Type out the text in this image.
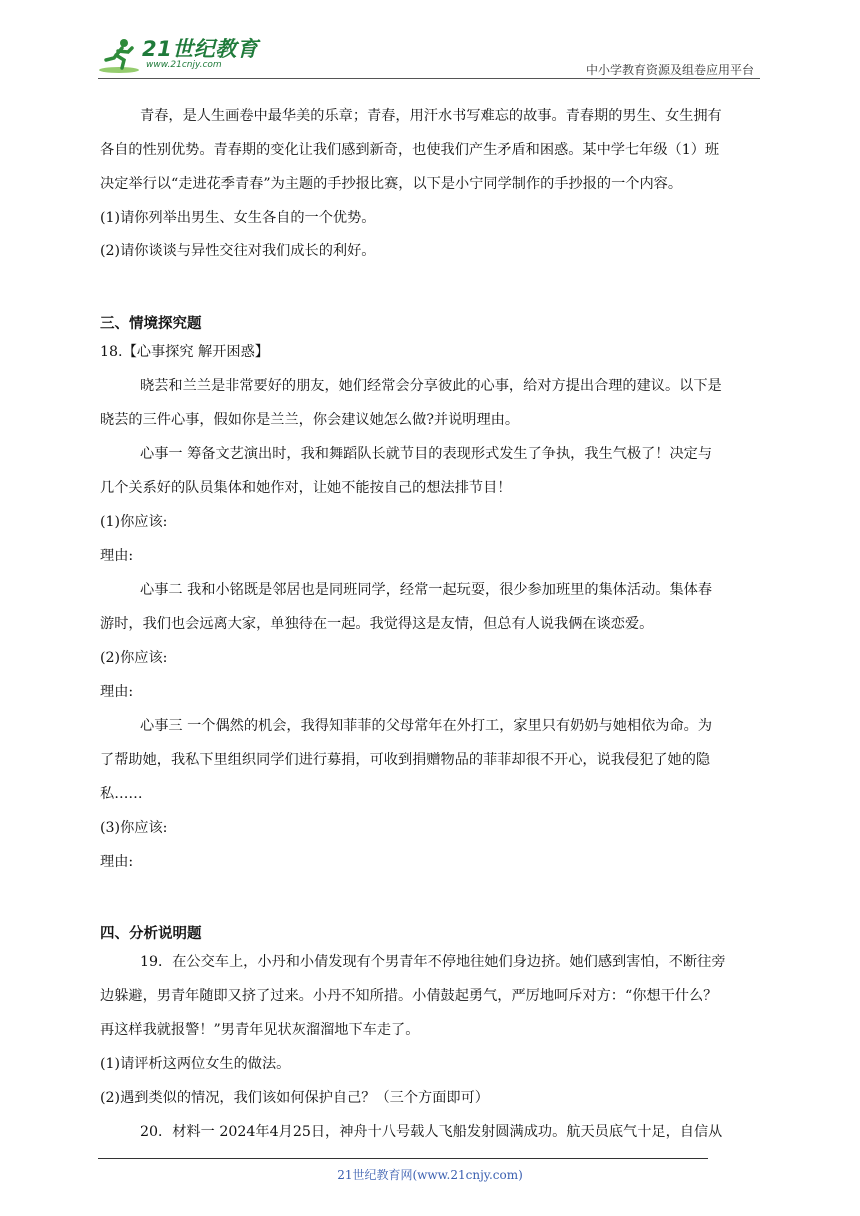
21世纪教育
www.21cnjy.com	中小学教育资源及组卷应用平台
青春，是人生画卷中最华美的乐章；青春，用汗水书写难忘的故事。青春期的男生、女生拥有
各自的性别优势。青春期的变化让我们感到新奇，也使我们产生矛盾和困惑。某中学七年级（1）班
决定举行以“走进花季青春”为主题的手抄报比赛，以下是小宁同学制作的手抄报的一个内容。
(1)请你列举出男生、女生各自的一个优势。
(2)请你谈谈与异性交往对我们成长的利好。
三、情境探究题
18.【心事探究 解开困惑】
晓芸和兰兰是非常要好的朋友，她们经常会分享彼此的心事，给对方提出合理的建议。以下是
晓芸的三件心事，假如你是兰兰，你会建议她怎么做?并说明理由。
心事一 筹备文艺演出时，我和舞蹈队长就节目的表现形式发生了争执，我生气极了！决定与
几个关系好的队员集体和她作对，让她不能按自己的想法排节目！
(1)你应该:
理由:
心事二 我和小铭既是邻居也是同班同学，经常一起玩耍，很少参加班里的集体活动。集体春
游时，我们也会远离大家，单独待在一起。我觉得这是友情，但总有人说我俩在谈恋爱。
(2)你应该:
理由:
心事三 一个偶然的机会，我得知菲菲的父母常年在外打工，家里只有奶奶与她相依为命。为
了帮助她，我私下里组织同学们进行募捐，可收到捐赠物品的菲菲却很不开心，说我侵犯了她的隐
私……
(3)你应该:
理由:
四、分析说明题
19．在公交车上，小丹和小倩发现有个男青年不停地往她们身边挤。她们感到害怕，不断往旁
边躲避，男青年随即又挤了过来。小丹不知所措。小倩鼓起勇气，严厉地呵斥对方：“你想干什么？
再这样我就报警！”男青年见状灰溜溜地下车走了。
(1)请评析这两位女生的做法。
(2)遇到类似的情况，我们该如何保护自己？（三个方面即可）
20．材料一 2024年4月25日，神舟十八号载人飞船发射圆满成功。航天员底气十足，自信从
21世纪教育网(www.21cnjy.com)
